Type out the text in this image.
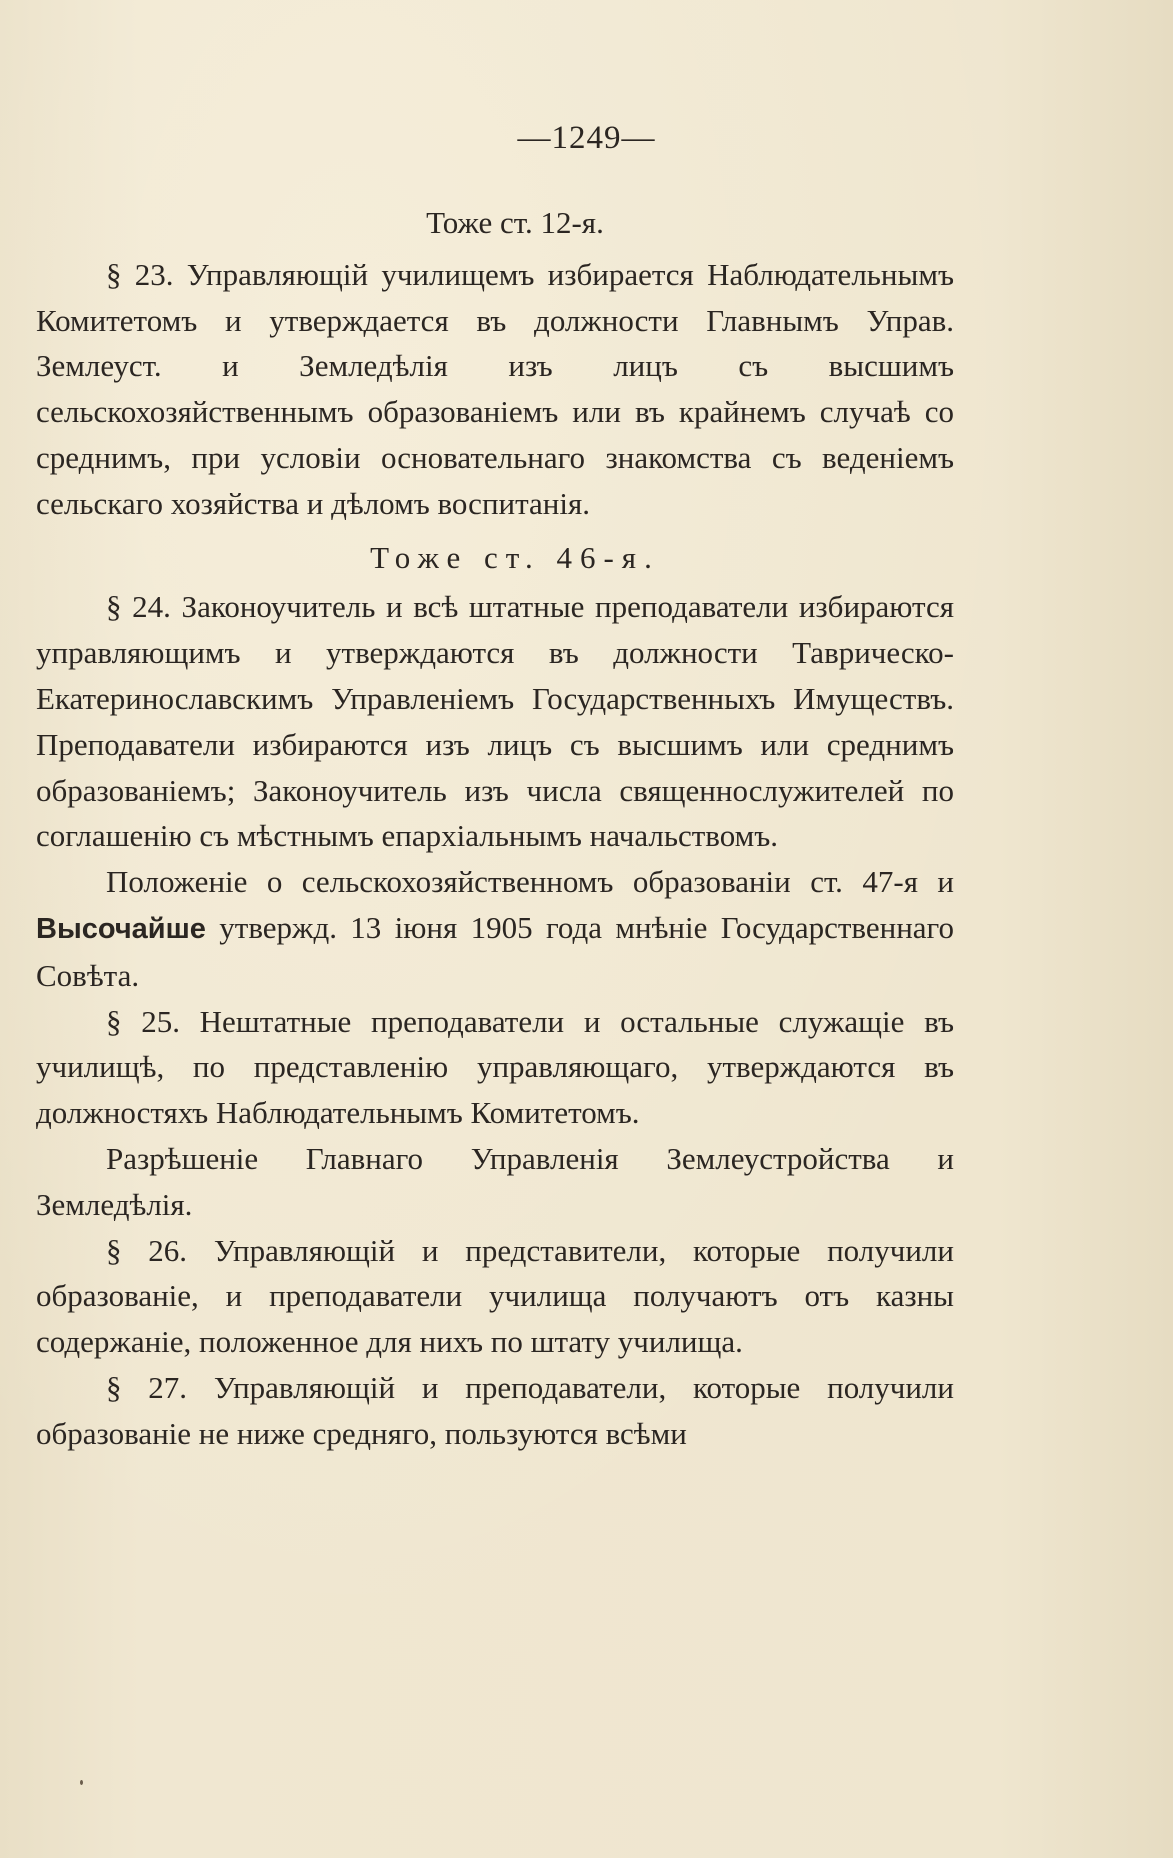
—1249—
Тоже ст. 12-я.

§ 23. Управляющій училищемъ избирается Наблюдательнымъ Комитетомъ и утверждается въ должности Главнымъ Управ. Землеуст. и Земледѣлія изъ лицъ съ высшимъ сельскохозяйственнымъ образованіемъ или въ крайнемъ случаѣ со среднимъ, при условіи основательнаго знакомства съ веденіемъ сельскаго хозяйства и дѣломъ воспитанія.

Тоже ст. 46-я.

§ 24. Законоучитель и всѣ штатные преподаватели избираются управляющимъ и утверждаются въ должности Таврическо-Екатеринославскимъ Управленіемъ Государственныхъ Имуществъ. Преподаватели избираются изъ лицъ съ высшимъ или среднимъ образованіемъ; Законоучитель изъ числа священнослужителей по соглашенію съ мѣстнымъ епархіальнымъ начальствомъ.

Положеніе о сельскохозяйственномъ образованіи ст. 47-я и Высочайше утвержд. 13 іюня 1905 года мнѣніе Государственнаго Совѣта.

§ 25. Нештатные преподаватели и остальные служащіе въ училищѣ, по представленію управляющаго, утверждаются въ должностяхъ Наблюдательнымъ Комитетомъ.

Разрѣшеніе Главнаго Управленія Землеустройства и Земледѣлія.

§ 26. Управляющій и представители, которые получили образованіе, и преподаватели училища получаютъ отъ казны содержаніе, положенное для нихъ по штату училища.

§ 27. Управляющій и преподаватели, которые получили образованіе не ниже средняго, пользуются всѣми
